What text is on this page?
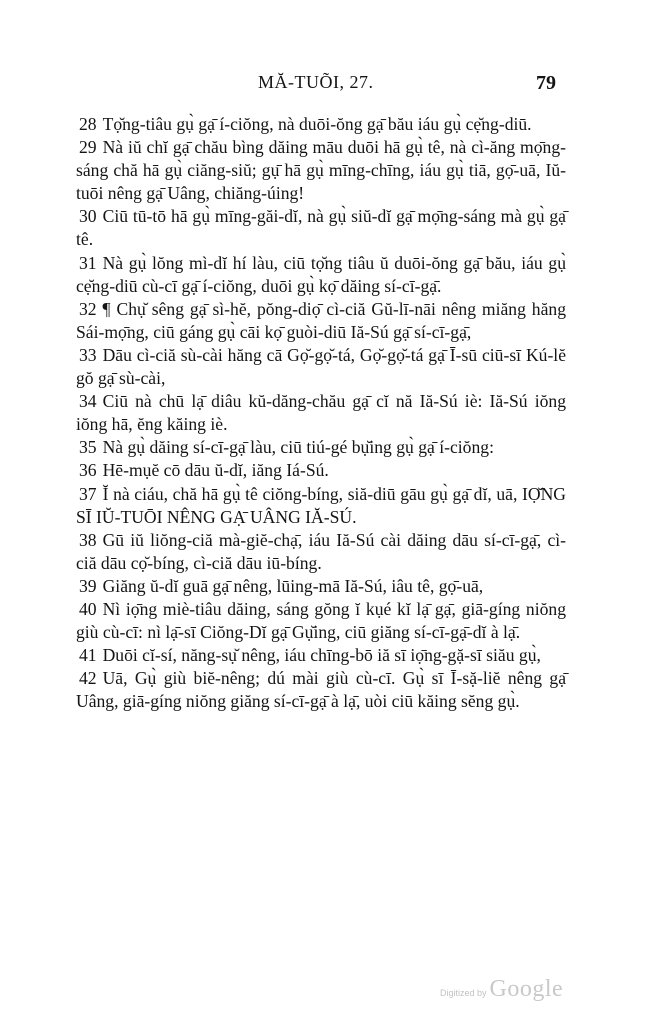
MĂ-TUÕI, 27.	79

28 Tọ̆ng-tiâu gụ̀ gạ̄ í-ciŏng, nà duōi-ŏng gạ̄ bău iáu gụ̀ cẹ̆ng-diū.

29 Nà iŭ chĭ gạ̄ chău bìng dăing māu duōi hā gụ̀ tê, nà cì-ăng mọ̄ng-sáng chă hā gụ̀ ciăng-siŭ; gụ̄ hā gụ̀ mīng-chīng, iáu gụ̀ tiā, gọ̄-uā, Iŭ-tuōi nêng gạ̄ Uâng, chiăng-úing!

30 Ciū tū-tō hā gụ̀ mīng-găi-dĭ, nà gụ̀ siŭ-dĭ gạ̄ mọ̄ng-sáng mà gụ̀ gạ̄ tê.

31 Nà gụ̀ lŏng mì-dĭ hí làu, ciū tọ̆ng tiâu ŭ duōi-ŏng gạ̄ bău, iáu gụ̀ cẹ̆ng-diū cù-cī gạ̄ í-ciŏng, duōi gụ̀ kọ̄ dăing sí-cī-gạ̄.

32 ¶ Chụ̆ sêng gạ̄ sì-hĕ, pŏng-diọ̄ cì-ciă Gŭ-lī-nāi nêng miăng hăng Sái-mọ̄ng, ciū gáng gụ̀ cāi kọ̄ guòi-diū Iă-Sú gạ̄ sí-cī-gạ̄,

33 Dāu cì-ciă sù-cài hăng cā Gọ̆-gọ̆-tá, Gọ̆-gọ̆-tá gạ̄ Ī-sū ciū-sī Kú-lĕ gŏ gạ̄ sù-cài,

34 Ciū nà chū lạ̄ diâu kŭ-dăng-chău gạ̄ cĭ nă Iă-Sú iè: Iă-Sú iŏng iŏng hā, ĕng kăing iè.

35 Nà gụ̀ dăing sí-cī-gạ̄ làu, ciū tiú-gé bụ̆ing gụ̀ gạ̄ í-ciŏng:

36 Hē-mụĕ cō dāu ŭ-dĭ, iăng Iá-Sú.

37 Ĭ nà ciáu, chă hā gụ̀ tê ciŏng-bíng, siă-diū gāu gụ̀ gạ̄ dĭ, uā, IỌ̆NG SĪ IŬ-TUŌI NÊNG GẠ̄ UÂNG IĂ-SÚ.

38 Gū iŭ liŏng-ciă mà-giĕ-chạ̄, iáu Iă-Sú cài dăing dāu sí-cī-gạ̄, cì-ciă dāu cọ̆-bíng, cì-ciă dāu iū-bíng.

39 Giăng ŭ-dĭ guā gạ̄ nêng, lūing-mā Iă-Sú, iâu tê, gọ̄-uā,

40 Nì iọ̄ng miè-tiâu dăing, sáng gŏng ĭ kụé kĭ lạ̄ gạ̄, giā-gíng niŏng giù cù-cī: nì lạ̄-sī Ciŏng-Dĭ gạ̄ Gụ̆ing, ciū giăng sí-cī-gạ̄-dĭ à lạ̄.

41 Duōi cĭ-sí, năng-sụ̆ nêng, iáu chīng-bō iă sī iọ̄ng-gặ-sī siău gụ̀,

42 Uā, Gụ̀ giù biĕ-nêng; dú mài giù cù-cī. Gụ̀ sī Ī-sặ-liĕ nêng gạ̄ Uâng, giā-gíng niŏng giăng sí-cī-gạ̄ à lạ̄, uòi ciū kăing sĕng gụ̀.

Digitized by Google
